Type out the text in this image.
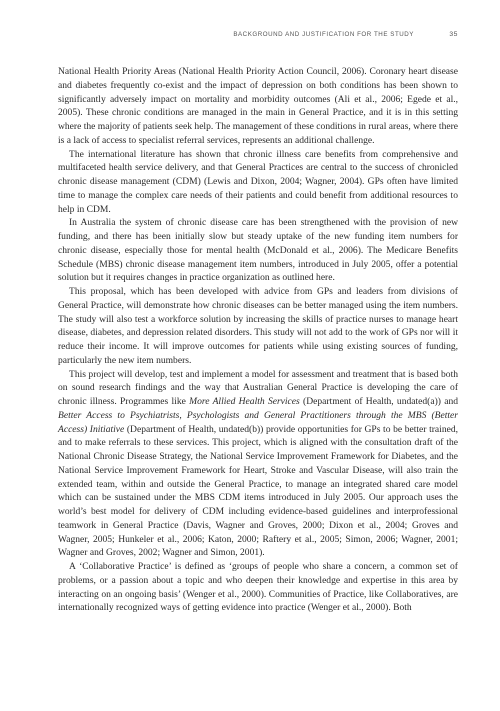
BACKGROUND AND JUSTIFICATION FOR THE STUDY	35

National Health Priority Areas (National Health Priority Action Council, 2006). Coronary heart disease and diabetes frequently co-exist and the impact of depression on both conditions has been shown to significantly adversely impact on mortality and morbidity outcomes (Ali et al., 2006; Egede et al., 2005). These chronic conditions are managed in the main in General Practice, and it is in this setting where the majority of patients seek help. The management of these conditions in rural areas, where there is a lack of access to specialist referral services, represents an additional challenge.

The international literature has shown that chronic illness care benefits from comprehensive and multifaceted health service delivery, and that General Practices are central to the success of chronicled chronic disease management (CDM) (Lewis and Dixon, 2004; Wagner, 2004). GPs often have limited time to manage the complex care needs of their patients and could benefit from additional resources to help in CDM.

In Australia the system of chronic disease care has been strengthened with the provision of new funding, and there has been initially slow but steady uptake of the new funding item numbers for chronic disease, especially those for mental health (McDonald et al., 2006). The Medicare Benefits Schedule (MBS) chronic disease management item numbers, introduced in July 2005, offer a potential solution but it requires changes in practice organization as outlined here.

This proposal, which has been developed with advice from GPs and leaders from divisions of General Practice, will demonstrate how chronic diseases can be better managed using the item numbers. The study will also test a workforce solution by increasing the skills of practice nurses to manage heart disease, diabetes, and depression related disorders. This study will not add to the work of GPs nor will it reduce their income. It will improve outcomes for patients while using existing sources of funding, particularly the new item numbers.

This project will develop, test and implement a model for assessment and treatment that is based both on sound research findings and the way that Australian General Practice is developing the care of chronic illness. Programmes like More Allied Health Services (Department of Health, undated(a)) and Better Access to Psychiatrists, Psychologists and General Practitioners through the MBS (Better Access) Initiative (Department of Health, undated(b)) provide opportunities for GPs to be better trained, and to make referrals to these services. This project, which is aligned with the consultation draft of the National Chronic Disease Strategy, the National Service Improvement Framework for Diabetes, and the National Service Improvement Framework for Heart, Stroke and Vascular Disease, will also train the extended team, within and outside the General Practice, to manage an integrated shared care model which can be sustained under the MBS CDM items introduced in July 2005. Our approach uses the world’s best model for delivery of CDM including evidence-based guidelines and interprofessional teamwork in General Practice (Davis, Wagner and Groves, 2000; Dixon et al., 2004; Groves and Wagner, 2005; Hunkeler et al., 2006; Katon, 2000; Raftery et al., 2005; Simon, 2006; Wagner, 2001; Wagner and Groves, 2002; Wagner and Simon, 2001).

A ‘Collaborative Practice’ is defined as ‘groups of people who share a concern, a common set of problems, or a passion about a topic and who deepen their knowledge and expertise in this area by interacting on an ongoing basis’ (Wenger et al., 2000). Communities of Practice, like Collaboratives, are internationally recognized ways of getting evidence into practice (Wenger et al., 2000). Both
